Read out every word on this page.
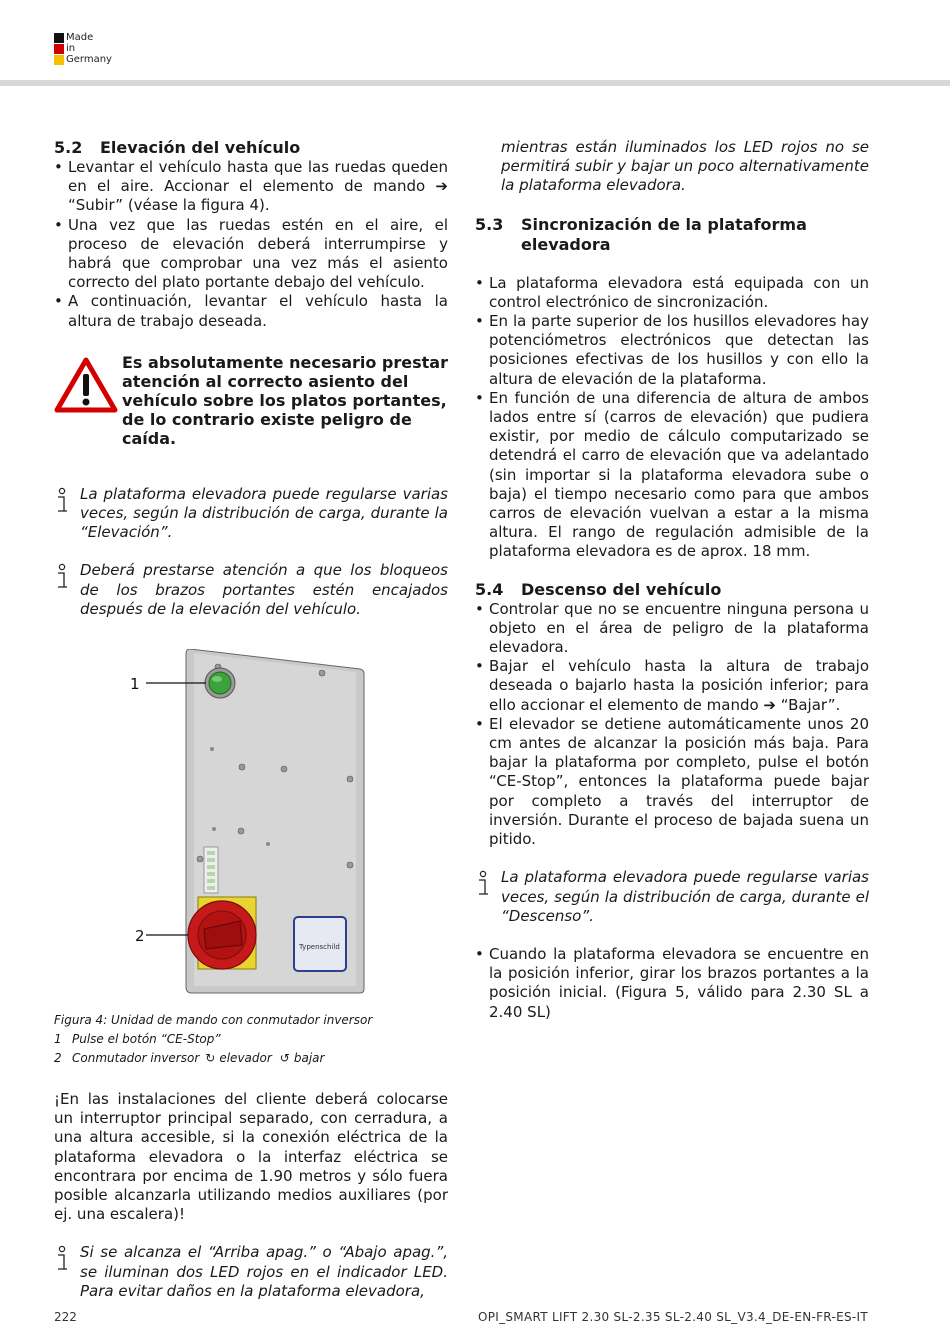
Made
in
Germany
5.2	Elevación del vehículo
• Levantar el vehículo hasta que las ruedas queden en el aire. Accionar el elemento de mando ➔ “Subir” (véase la figura 4).
• Una vez que las ruedas estén en el aire, el proceso de elevación deberá interrumpirse y habrá que comprobar una vez más el asiento correcto del plato portante debajo del vehículo.
• A continuación, levantar el vehículo hasta la altura de trabajo deseada.

Es absolutamente necesario prestar atención al correcto asiento del vehículo sobre los platos portantes, de lo contrario existe peligro de caída.

La plataforma elevadora puede regularse varias veces, según la distribución de carga, durante la “Elevación”.

Deberá prestarse atención a que los bloqueos de los brazos portantes estén encajados después de la elevación del vehículo.

Typenschild
1
2
Figura 4: Unidad de mando con conmutador inversor
1 Pulse el botón “CE-Stop”
2 Conmutador inversor ↻ elevador ↺ bajar

¡En las instalaciones del cliente deberá colocarse un interruptor principal separado, con cerradura, a una altura accesible, si la conexión eléctrica de la plataforma elevadora o la interfaz eléctrica se encontrara por encima de 1.90 metros y sólo fuera posible alcanzarla utilizando medios auxiliares (por ej. una escalera)!

Si se alcanza el “Arriba apag.” o “Abajo apag.”, se iluminan dos LED rojos en el indicador LED. Para evitar daños en la plataforma elevadora,

mientras están iluminados los LED rojos no se permitirá subir y bajar un poco alternativamente la plataforma elevadora.

5.3	Sincronización de la plataforma elevadora
• La plataforma elevadora está equipada con un control electrónico de sincronización.
• En la parte superior de los husillos elevadores hay potenciómetros electrónicos que detectan las posiciones efectivas de los husillos y con ello la altura de elevación de la plataforma.
• En función de una diferencia de altura de ambos lados entre sí (carros de elevación) que pudiera existir, por medio de cálculo computarizado se detendrá el carro de elevación que va adelantado (sin importar si la plataforma elevadora sube o baja) el tiempo necesario como para que ambos carros de elevación vuelvan a estar a la misma altura. El rango de regulación admisible de la plataforma elevadora es de aprox. 18 mm.
5.4	Descenso del vehículo
• Controlar que no se encuentre ninguna persona u objeto en el área de peligro de la plataforma elevadora.
• Bajar el vehículo hasta la altura de trabajo deseada o bajarlo hasta la posición inferior; para ello accionar el elemento de mando ➔ “Bajar”.
• El elevador se detiene automáticamente unos 20 cm antes de alcanzar la posición más baja. Para bajar la plataforma por completo, pulse el botón “CE-Stop”, entonces la plataforma puede bajar por completo a través del interruptor de inversión. Durante el proceso de bajada suena un pitido.

La plataforma elevadora puede regularse varias veces, según la distribución de carga, durante el “Descenso”.

• Cuando la plataforma elevadora se encuentre en la posición inferior, girar los brazos portantes a la posición inicial. (Figura 5, válido para 2.30 SL a 2.40 SL)
222	OPI_SMART LIFT 2.30 SL-2.35 SL-2.40 SL_V3.4_DE-EN-FR-ES-IT
